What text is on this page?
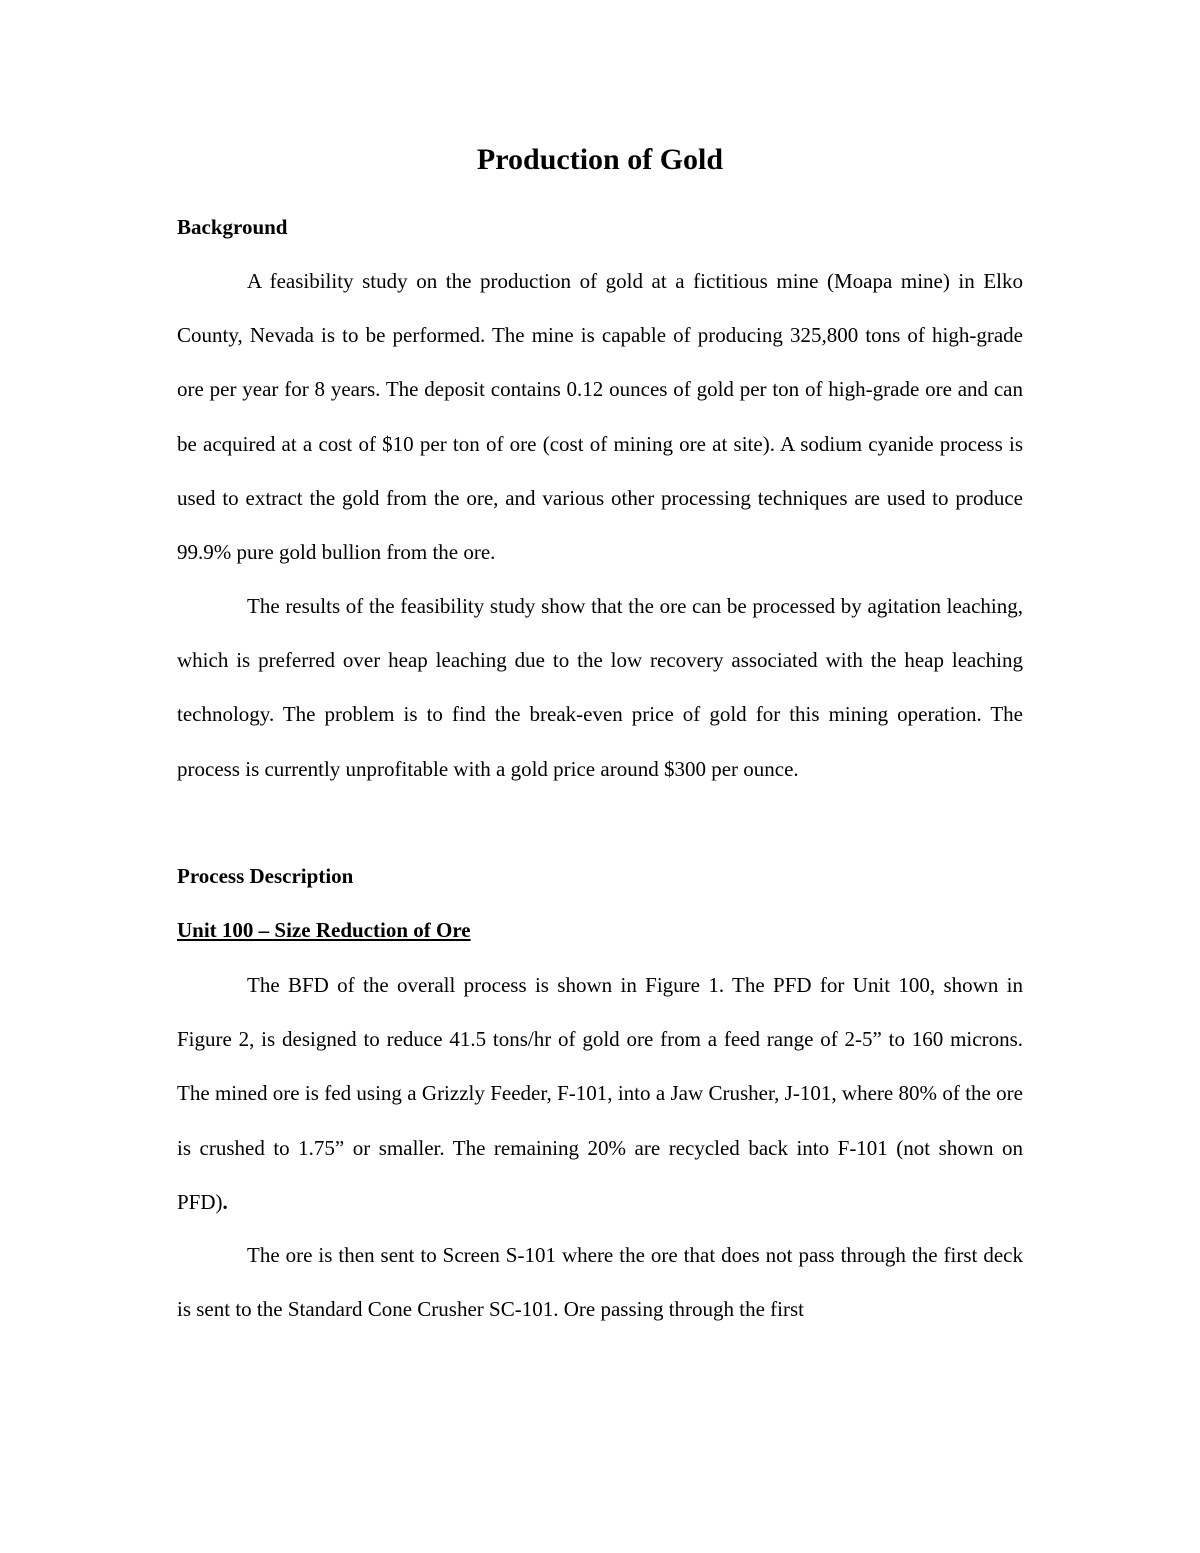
Production of Gold
Background

A feasibility study on the production of gold at a fictitious mine (Moapa mine) in Elko County, Nevada is to be performed. The mine is capable of producing 325,800 tons of high-grade ore per year for 8 years. The deposit contains 0.12 ounces of gold per ton of high-grade ore and can be acquired at a cost of $10 per ton of ore (cost of mining ore at site). A sodium cyanide process is used to extract the gold from the ore, and various other processing techniques are used to produce 99.9% pure gold bullion from the ore.

The results of the feasibility study show that the ore can be processed by agitation leaching, which is preferred over heap leaching due to the low recovery associated with the heap leaching technology. The problem is to find the break-even price of gold for this mining operation. The process is currently unprofitable with a gold price around $300 per ounce.

Process Description
Unit 100 – Size Reduction of Ore

The BFD of the overall process is shown in Figure 1. The PFD for Unit 100, shown in Figure 2, is designed to reduce 41.5 tons/hr of gold ore from a feed range of 2-5” to 160 microns. The mined ore is fed using a Grizzly Feeder, F-101, into a Jaw Crusher, J-101, where 80% of the ore is crushed to 1.75” or smaller. The remaining 20% are recycled back into F-101 (not shown on PFD).

The ore is then sent to Screen S-101 where the ore that does not pass through the first deck is sent to the Standard Cone Crusher SC-101. Ore passing through the first
